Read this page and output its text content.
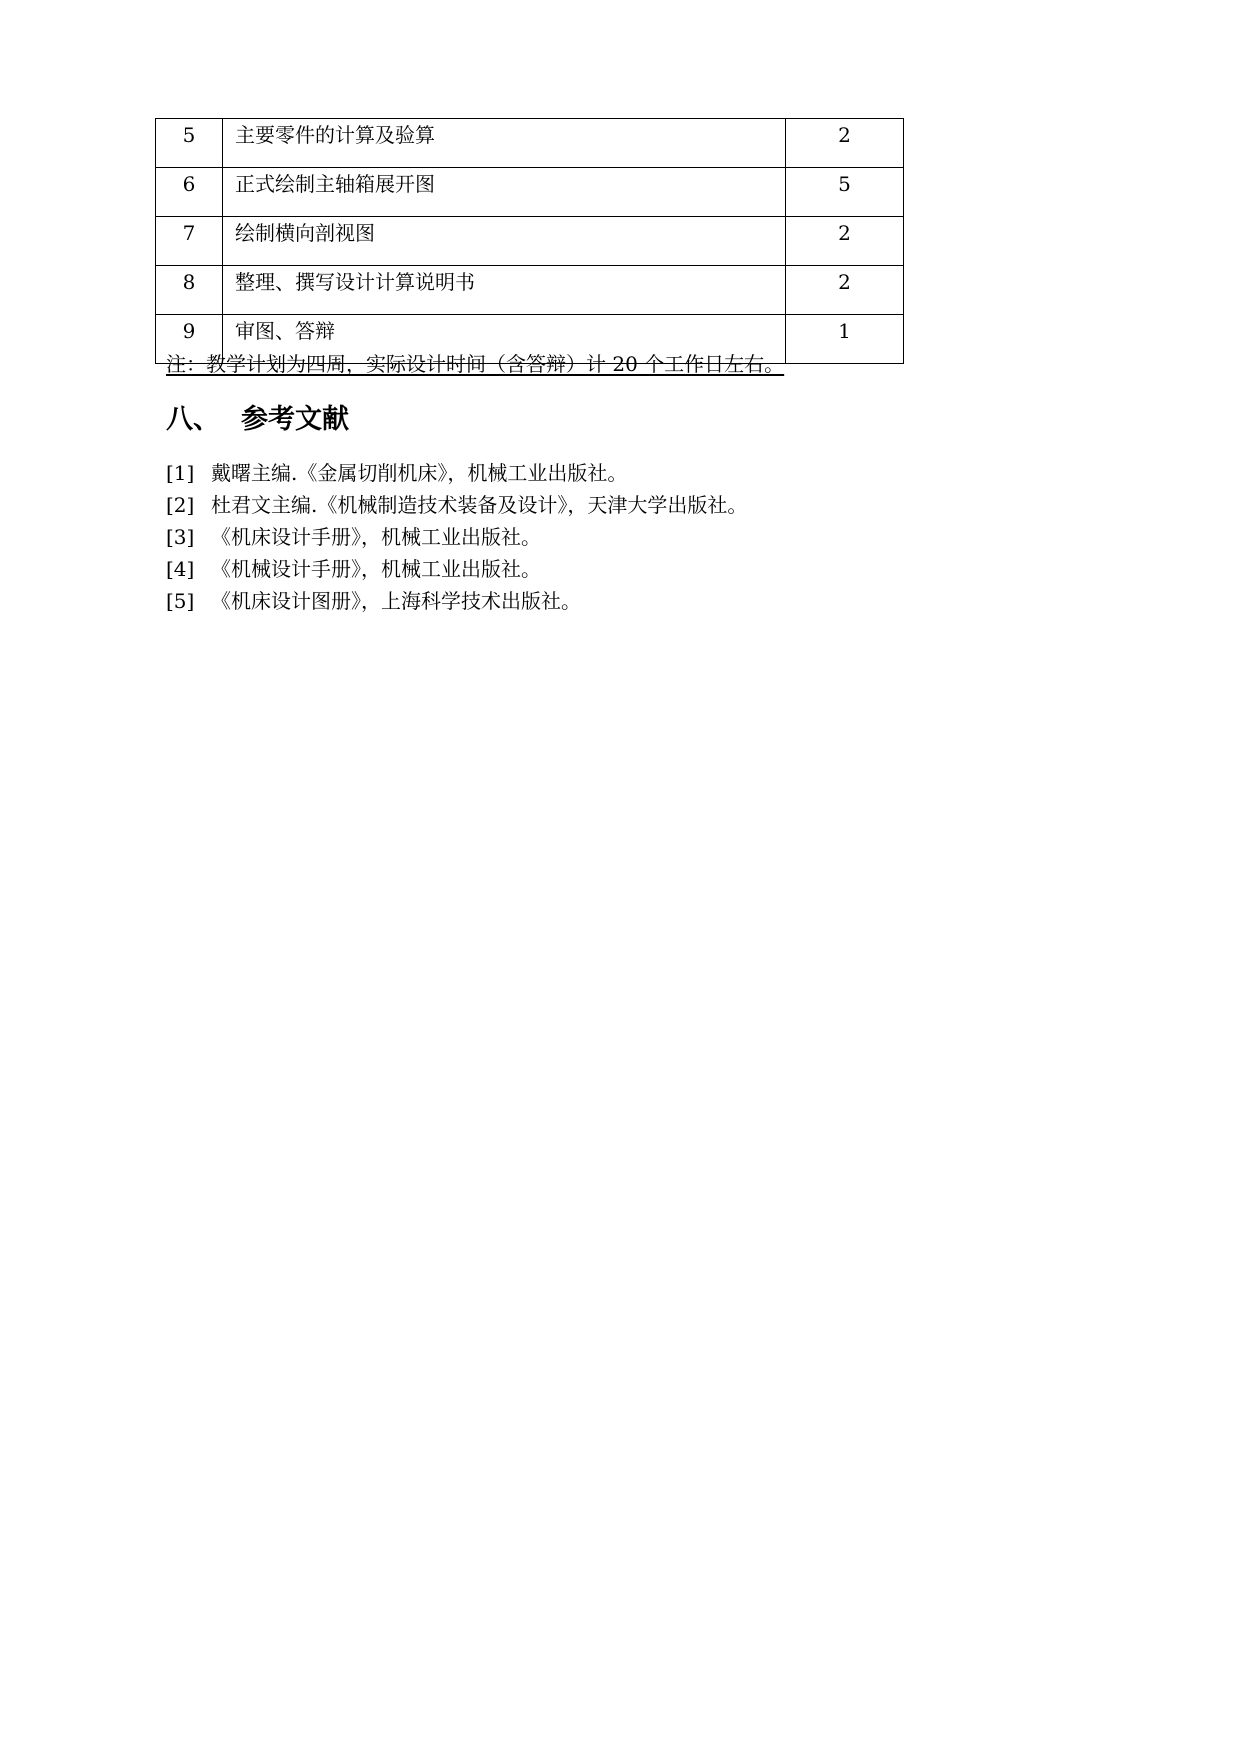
5	主要零件的计算及验算	2
6	正式绘制主轴箱展开图	5
7	绘制横向剖视图	2
8	整理、撰写设计计算说明书	2
9	审图、答辩	1
注：教学计划为四周，实际设计时间（含答辩）计 20 个工作日左右。
八、 参考文献
[1] 戴曙主编.《金属切削机床》，机械工业出版社。
[2] 杜君文主编.《机械制造技术装备及设计》，天津大学出版社。
[3] 《机床设计手册》，机械工业出版社。
[4] 《机械设计手册》，机械工业出版社。
[5] 《机床设计图册》，上海科学技术出版社。
